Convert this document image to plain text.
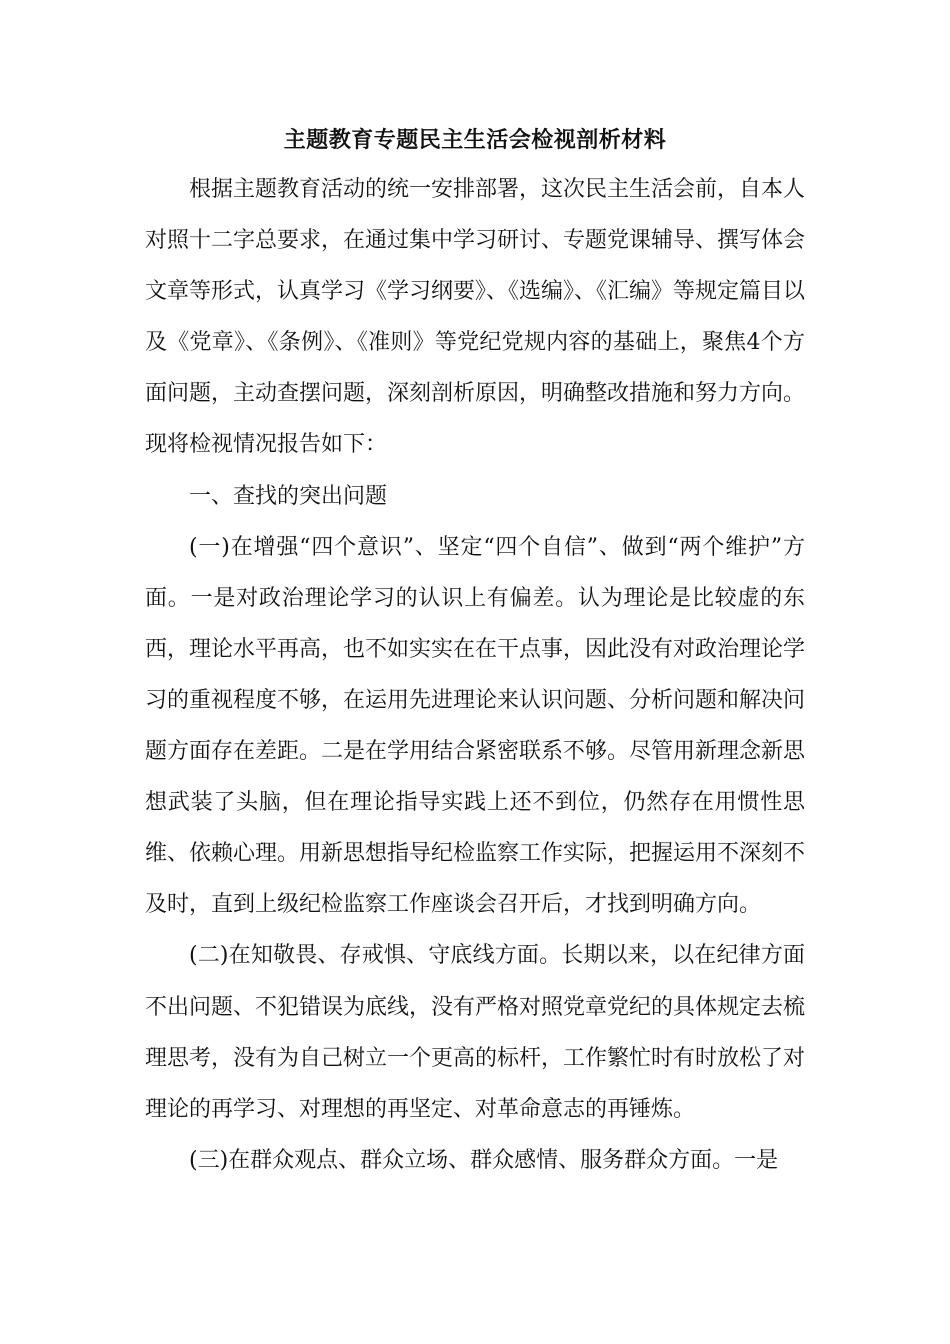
主题教育专题民主生活会检视剖析材料

根据主题教育活动的统一安排部署，这次民主生活会前，自本人对照十二字总要求，在通过集中学习研讨、专题党课辅导、撰写体会文章等形式，认真学习《学习纲要》、《选编》、《汇编》等规定篇目以及《党章》、《条例》、《准则》等党纪党规内容的基础上，聚焦4个方面问题，主动查摆问题，深刻剖析原因，明确整改措施和努力方向。现将检视情况报告如下：

一、查找的突出问题

(一)在增强“四个意识”、坚定“四个自信”、做到“两个维护”方面。一是对政治理论学习的认识上有偏差。认为理论是比较虚的东西，理论水平再高，也不如实实在在干点事，因此没有对政治理论学习的重视程度不够，在运用先进理论来认识问题、分析问题和解决问题方面存在差距。二是在学用结合紧密联系不够。尽管用新理念新思想武装了头脑，但在理论指导实践上还不到位，仍然存在用惯性思维、依赖心理。用新思想指导纪检监察工作实际，把握运用不深刻不及时，直到上级纪检监察工作座谈会召开后，才找到明确方向。

(二)在知敬畏、存戒惧、守底线方面。长期以来，以在纪律方面不出问题、不犯错误为底线，没有严格对照党章党纪的具体规定去梳理思考，没有为自己树立一个更高的标杆，工作繁忙时有时放松了对理论的再学习、对理想的再坚定、对革命意志的再锤炼。

(三)在群众观点、群众立场、群众感情、服务群众方面。一是
